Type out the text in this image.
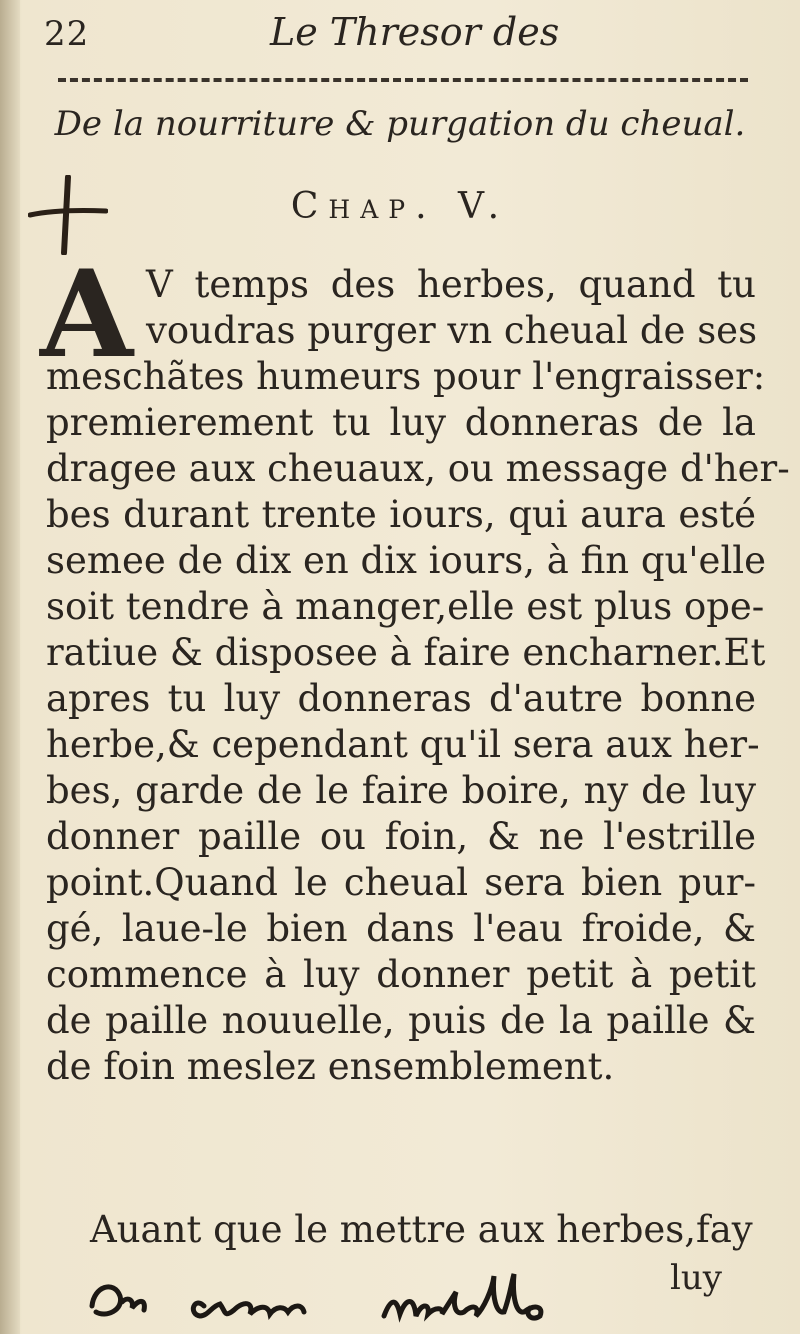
22	Le Thresor des
De la nourriture & purgation du cheual.
Chap. V.
A V temps des herbes, quand tu
voudras purger vn cheual de ses
meschãtes humeurs pour l'engraisser:
premierement tu luy donneras de la
dragee aux cheuaux, ou message d'her-
bes durant trente iours, qui aura esté
semee de dix en dix iours, à fin qu'elle
soit tendre à manger,elle est plus ope-
ratiue & disposee à faire encharner.Et
apres tu luy donneras d'autre bonne
herbe,& cependant qu'il sera aux her-
bes, garde de le faire boire, ny de luy
donner paille ou foin, & ne l'estrille
point.Quand le cheual sera bien pur-
gé, laue-le bien dans l'eau froide, &
commence à luy donner petit à petit
de paille nouuelle, puis de la paille &
de foin meslez ensemblement.
Auant que le mettre aux herbes,fay
luy
